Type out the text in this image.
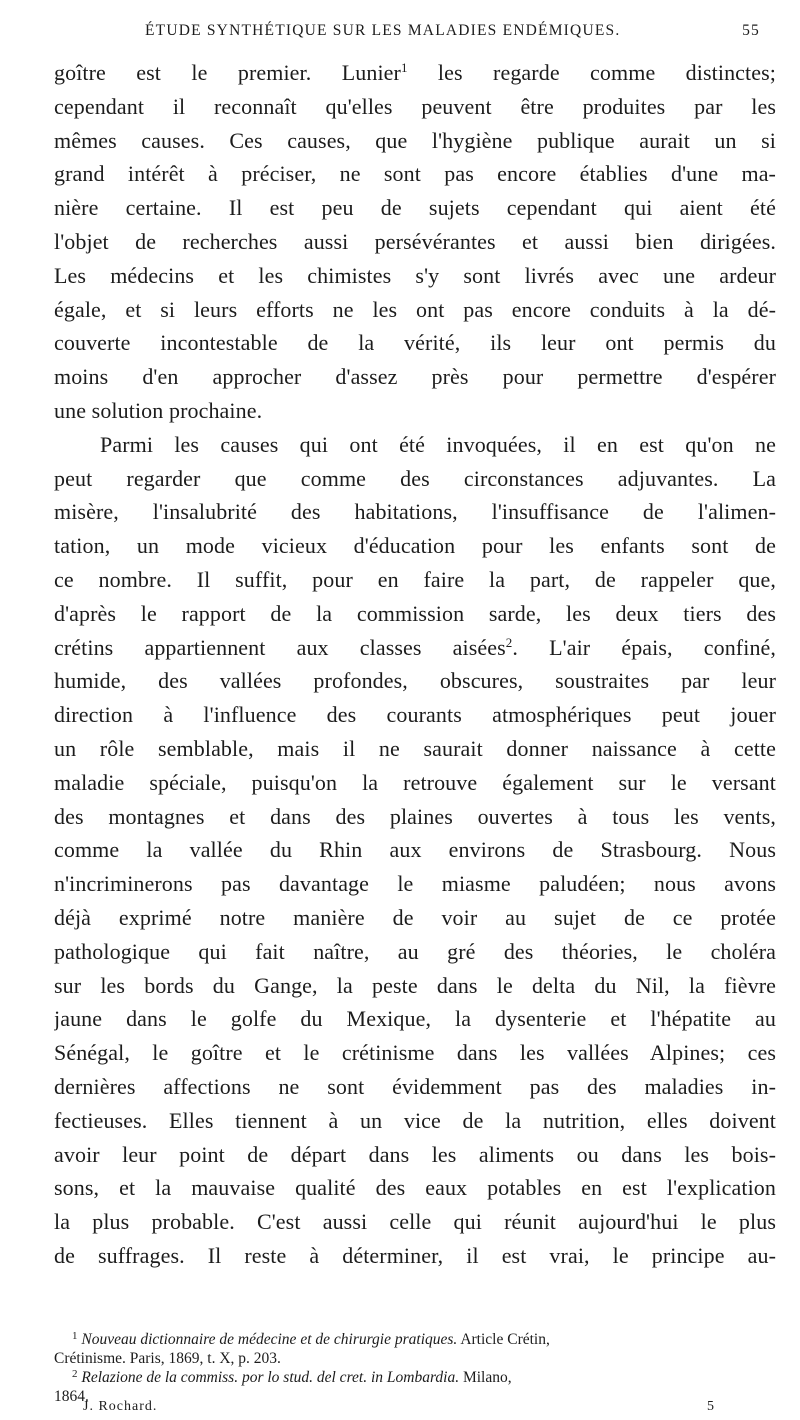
ÉTUDE SYNTHÉTIQUE SUR LES MALADIES ENDÉMIQUES.	55
goître est le premier. Lunier$^1$ les regarde comme distinctes;
cependant il reconnaît qu'elles peuvent être produites par les
mêmes causes. Ces causes, que l'hygiène publique aurait un si
grand intérêt à préciser, ne sont pas encore établies d'une ma-
nière certaine. Il est peu de sujets cependant qui aient été
l'objet de recherches aussi persévérantes et aussi bien dirigées.
Les médecins et les chimistes s'y sont livrés avec une ardeur
égale, et si leurs efforts ne les ont pas encore conduits à la dé-
couverte incontestable de la vérité, ils leur ont permis du
moins d'en approcher d'assez près pour permettre d'espérer
une solution prochaine.
Parmi les causes qui ont été invoquées, il en est qu'on ne
peut regarder que comme des circonstances adjuvantes. La
misère, l'insalubrité des habitations, l'insuffisance de l'alimen-
tation, un mode vicieux d'éducation pour les enfants sont de
ce nombre. Il suffit, pour en faire la part, de rappeler que,
d'après le rapport de la commission sarde, les deux tiers des
crétins appartiennent aux classes aisées$^2$. L'air épais, confiné,
humide, des vallées profondes, obscures, soustraites par leur
direction à l'influence des courants atmosphériques peut jouer
un rôle semblable, mais il ne saurait donner naissance à cette
maladie spéciale, puisqu'on la retrouve également sur le versant
des montagnes et dans des plaines ouvertes à tous les vents,
comme la vallée du Rhin aux environs de Strasbourg. Nous
n'incriminerons pas davantage le miasme paludéen; nous avons
déjà exprimé notre manière de voir au sujet de ce protée
pathologique qui fait naître, au gré des théories, le choléra
sur les bords du Gange, la peste dans le delta du Nil, la fièvre
jaune dans le golfe du Mexique, la dysenterie et l'hépatite au
Sénégal, le goître et le crétinisme dans les vallées Alpines; ces
dernières affections ne sont évidemment pas des maladies in-
fectieuses. Elles tiennent à un vice de la nutrition, elles doivent
avoir leur point de départ dans les aliments ou dans les bois-
sons, et la mauvaise qualité des eaux potables en est l'explication
la plus probable. C'est aussi celle qui réunit aujourd'hui le plus
de suffrages. Il reste à déterminer, il est vrai, le principe au-
$^1$ Nouveau dictionnaire de médecine et de chirurgie pratiques. Article Crétin,
Crétinisme. Paris, 1869, t. X, p. 203.
$^2$ Relazione de la commiss. por lo stud. del cret. in Lombardia. Milano,
1864.
J. Rochard.	5
